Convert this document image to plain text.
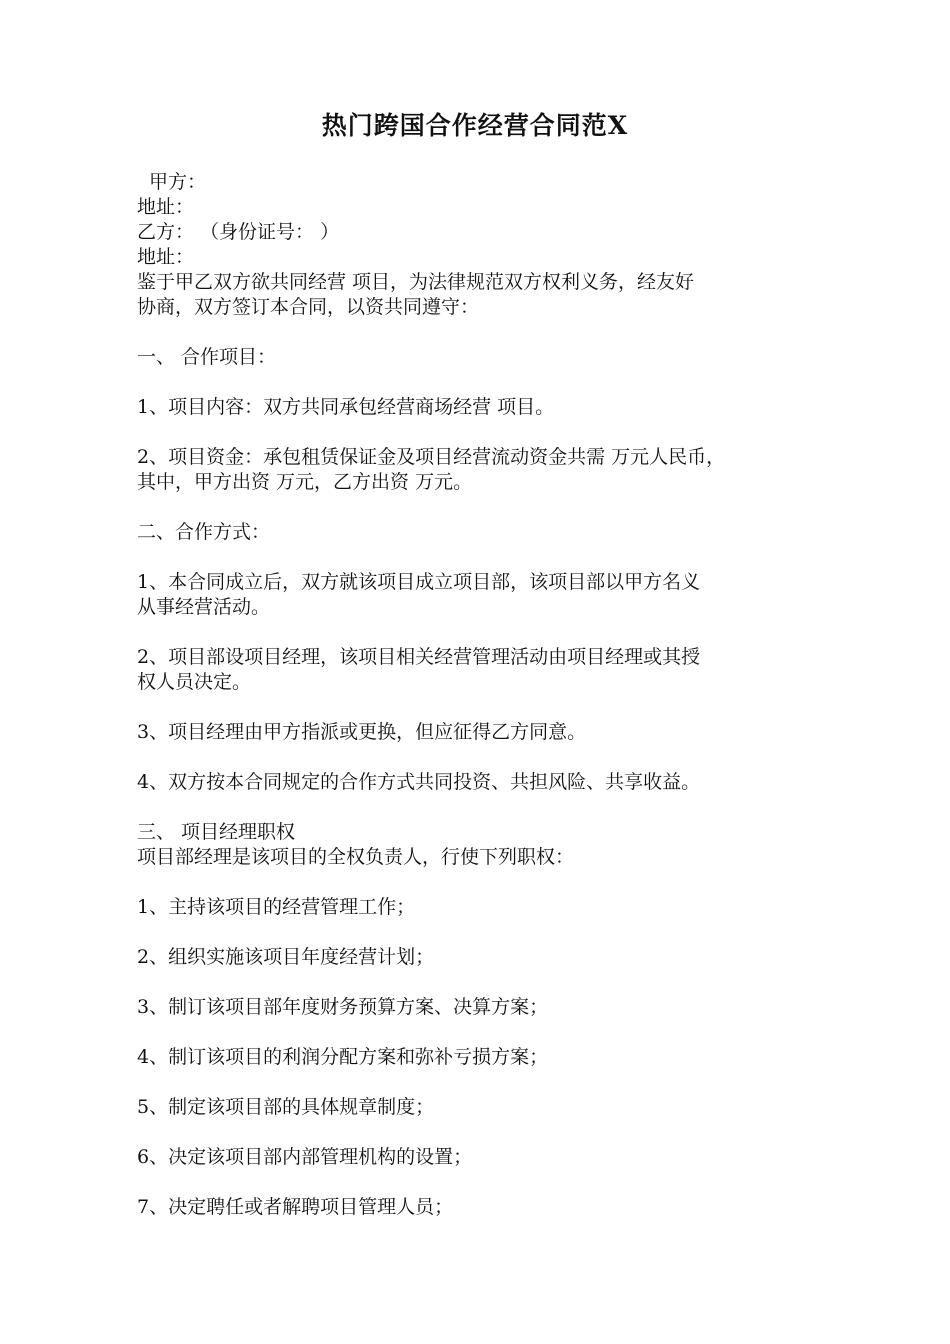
热门跨国合作经营合同范X
甲方：
地址：
乙方： （身份证号： ）
地址：
鉴于甲乙双方欲共同经营 项目，为法律规范双方权利义务，经友好
协商，双方签订本合同，以资共同遵守：
一、 合作项目：
1、项目内容：双方共同承包经营商场经营 项目。
2、项目资金：承包租赁保证金及项目经营流动资金共需 万元人民币，
其中，甲方出资 万元，乙方出资 万元。
二、合作方式：
1、本合同成立后，双方就该项目成立项目部，该项目部以甲方名义
从事经营活动。
2、项目部设项目经理，该项目相关经营管理活动由项目经理或其授
权人员决定。
3、项目经理由甲方指派或更换，但应征得乙方同意。
4、双方按本合同规定的合作方式共同投资、共担风险、共享收益。
三、 项目经理职权
项目部经理是该项目的全权负责人，行使下列职权：
1、主持该项目的经营管理工作；
2、组织实施该项目年度经营计划；
3、制订该项目部年度财务预算方案、决算方案；
4、制订该项目的利润分配方案和弥补亏损方案；
5、制定该项目部的具体规章制度；
6、决定该项目部内部管理机构的设置；
7、决定聘任或者解聘项目管理人员；
